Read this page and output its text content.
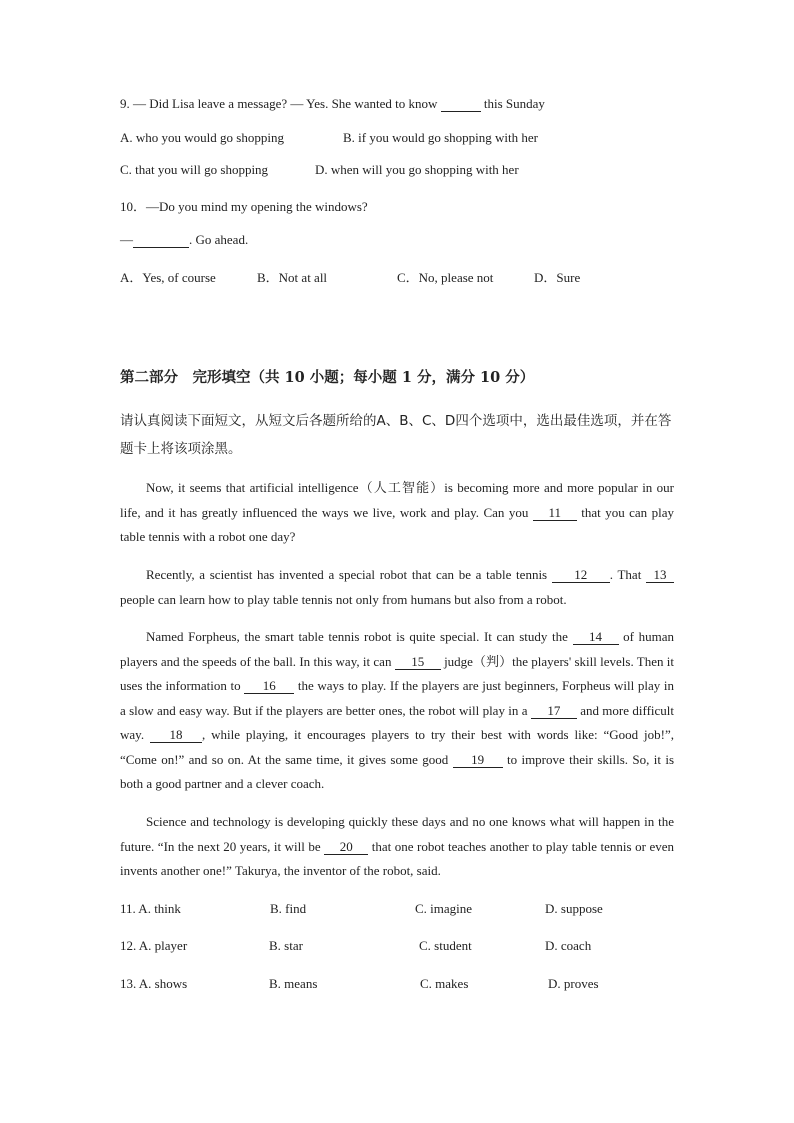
9. — Did Lisa leave a message? — Yes. She wanted to know	this Sunday
A. who you would go shopping	B. if you would go shopping with her
C. that you will go shopping	D. when will you go shopping with her
10．—Do you mind my opening the windows?
—	. Go ahead.
A．Yes, of course	B．Not at all	C．No, please not	D．Sure
第二部分　完形填空（共 10 小题；每小题 1 分，满分 10 分）
请认真阅读下面短文，从短文后各题所给的A、B、C、D四个选项中，选出最佳选项，并在答题卡上将该项涂黑。
Now, it seems that artificial intelligence（人工智能）is becoming more and more popular in our life, and it has greatly influenced the ways we live, work and play. Can you 11 that you can play table tennis with a robot one day?
Recently, a scientist has invented a special robot that can be a table tennis 12 . That 13 people can learn how to play table tennis not only from humans but also from a robot.
Named Forpheus, the smart table tennis robot is quite special. It can study the 14 of human players and the speeds of the ball. In this way, it can 15 judge（判）the players' skill levels. Then it uses the information to 16 the ways to play. If the players are just beginners, Forpheus will play in a slow and easy way. But if the players are better ones, the robot will play in a 17 and more difficult way. 18 , while playing, it encourages players to try their best with words like: “Good job!”, “Come on!” and so on. At the same time, it gives some good 19 to improve their skills. So, it is both a good partner and a clever coach.
Science and technology is developing quickly these days and no one knows what will happen in the future. “In the next 20 years, it will be 20 that one robot teaches another to play table tennis or even invents another one!” Takurya, the inventor of the robot, said.
11. A. think	B. find	C. imagine	D. suppose
12. A. player	B. star	C. student	D. coach
13. A. shows	B. means	C. makes	D. proves
